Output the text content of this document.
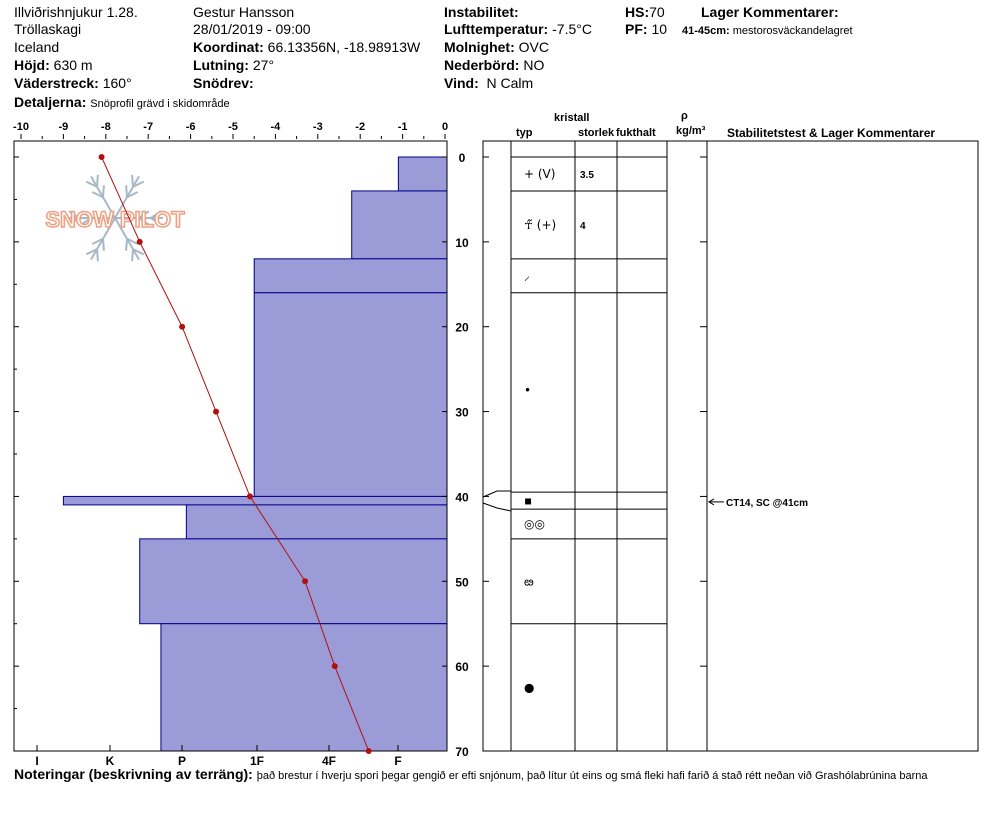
Illviðrishnjukur 1.28.
Tröllaskagi
Iceland
Höjd: 630 m
Väderstreck: 160°
Detaljerna: Snöprofil grävd i skidområde
Gestur Hansson
28/01/2019 - 09:00
Koordinat: 66.13356N, -18.98913W
Lutning: 27°
Snödrev:
Instabilitet:
Lufttemperatur: -7.5°C
Molnighet: OVC
Nederbörd: NO
Vind: N Calm
HS:70
PF: 10
Lager Kommentarer:
41-45cm: mestorosväckandelagret
kristall
typ	storlek fukthalt
ρ
kg/m³ Stabilitetstest & Lager Kommentarer
Noteringar (beskrivning av terräng): það brestur í hverju spori þegar gengið er efti snjónum, það lítur út eins og smá fleki hafi farið á stað rétt neðan við Grashólabrúnina barna
SNOW PILOT
-10	-9	-8	-7	-6	-5	-4	-3	-2	-1	0
0
10
20
30
40
50
60
70
I	K	P	1F	4F	F
+ (V) 3.5
☥̃ (+) 4
⸝
•
▪
◎◎
ఴ
●
CT14, SC @41cm
